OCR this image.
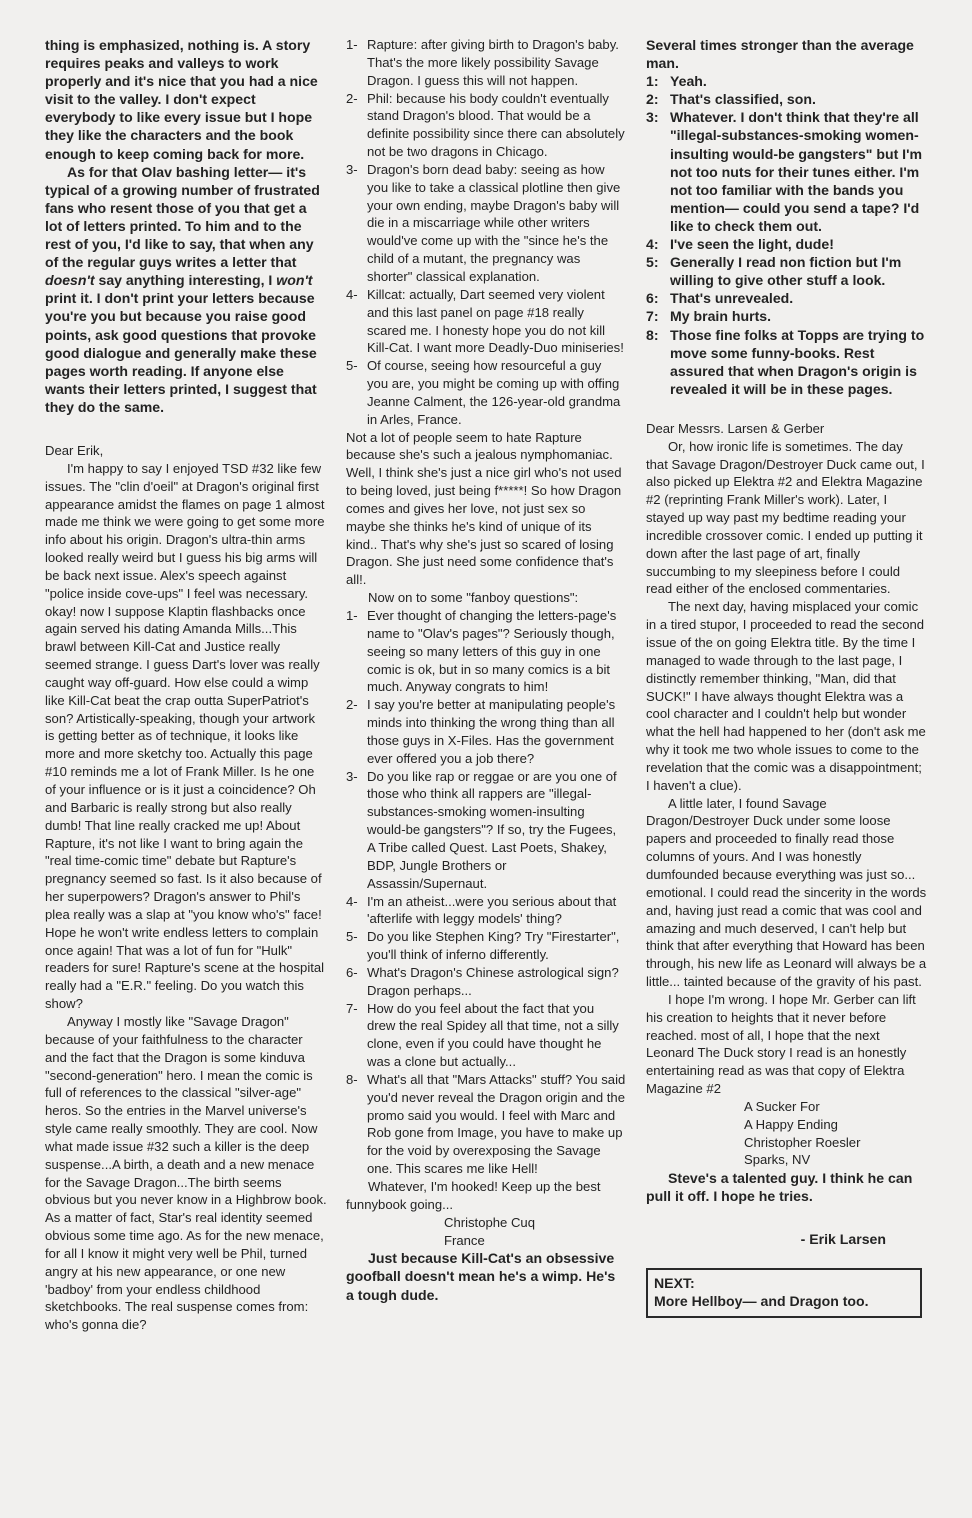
thing is emphasized, nothing is. A story requires peaks and valleys to work properly and it's nice that you had a nice visit to the valley. I don't expect everybody to like every issue but I hope they like the characters and the book enough to keep coming back for more.

As for that Olav bashing letter— it's typical of a growing number of frustrated fans who resent those of you that get a lot of letters printed. To him and to the rest of you, I'd like to say, that when any of the regular guys writes a letter that doesn't say anything interesting, I won't print it. I don't print your letters because you're you but because you raise good points, ask good questions that provoke good dialogue and generally make these pages worth reading. If anyone else wants their letters printed, I suggest that they do the same.

Dear Erik,

I'm happy to say I enjoyed TSD #32 like few issues. The "clin d'oeil" at Dragon's original first appearance amidst the flames on page 1 almost made me think we were going to get some more info about his origin. Dragon's ultra-thin arms looked really weird but I guess his big arms will be back next issue. Alex's speech against "police inside cove-ups" I feel was necessary. okay! now I suppose Klaptin flashbacks once again served his dating Amanda Mills...This brawl between Kill-Cat and Justice really seemed strange. I guess Dart's lover was really caught way off-guard. How else could a wimp like Kill-Cat beat the crap outta SuperPatriot's son? Artistically-speaking, though your artwork is getting better as of technique, it looks like more and more sketchy too. Actually this page #10 reminds me a lot of Frank Miller. Is he one of your influence or is it just a coincidence? Oh and Barbaric is really strong but also really dumb! That line really cracked me up! About Rapture, it's not like I want to bring again the "real time-comic time" debate but Rapture's pregnancy seemed so fast. Is it also because of her superpowers? Dragon's answer to Phil's plea really was a slap at "you know who's" face! Hope he won't write endless letters to complain once again! That was a lot of fun for "Hulk" readers for sure! Rapture's scene at the hospital really had a "E.R." feeling. Do you watch this show?

Anyway I mostly like "Savage Dragon" because of your faithfulness to the character and the fact that the Dragon is some kinduva "second-generation" hero. I mean the comic is full of references to the classical "silver-age" heros. So the entries in the Marvel universe's style came really smoothly. They are cool. Now what made issue #32 such a killer is the deep suspense...A birth, a death and a new menace for the Savage Dragon...The birth seems obvious but you never know in a Highbrow book. As a matter of fact, Star's real identity seemed obvious some time ago. As for the new menace, for all I know it might very well be Phil, turned angry at his new appearance, or one new 'badboy' from your endless childhood sketchbooks. The real suspense comes from: who's gonna die?

1- Rapture: after giving birth to Dragon's baby. That's the more likely possibility Savage Dragon. I guess this will not happen.
2- Phil: because his body couldn't eventually stand Dragon's blood. That would be a definite possibility since there can absolutely not be two dragons in Chicago.
3- Dragon's born dead baby: seeing as how you like to take a classical plotline then give your own ending, maybe Dragon's baby will die in a miscarriage while other writers would've come up with the "since he's the child of a mutant, the pregnancy was shorter" classical explanation.
4- Killcat: actually, Dart seemed very violent and this last panel on page #18 really scared me. I honesty hope you do not kill Kill-Cat. I want more Deadly-Duo miniseries!
5- Of course, seeing how resourceful a guy you are, you might be coming up with offing Jeanne Calment, the 126-year-old grandma in Arles, France.

Not a lot of people seem to hate Rapture because she's such a jealous nymphomaniac. Well, I think she's just a nice girl who's not used to being loved, just being f*****! So how Dragon comes and gives her love, not just sex so maybe she thinks he's kind of unique of its kind.. That's why she's just so scared of losing Dragon. She just need some confidence that's all!.

Now on to some "fanboy questions":

1- Ever thought of changing the letters-page's name to "Olav's pages"? Seriously though, seeing so many letters of this guy in one comic is ok, but in so many comics is a bit much. Anyway congrats to him!
2- I say you're better at manipulating people's minds into thinking the wrong thing than all those guys in X-Files. Has the government ever offered you a job there?
3- Do you like rap or reggae or are you one of those who think all rappers are "illegal-substances-smoking women-insulting would-be gangsters"? If so, try the Fugees, A Tribe called Quest. Last Poets, Shakey, BDP, Jungle Brothers or Assassin/Supernaut.
4- I'm an atheist...were you serious about that 'afterlife with leggy models' thing?
5- Do you like Stephen King? Try "Firestarter", you'll think of inferno differently.
6- What's Dragon's Chinese astrological sign? Dragon perhaps...
7- How do you feel about the fact that you drew the real Spidey all that time, not a silly clone, even if you could have thought he was a clone but actually...
8- What's all that "Mars Attacks" stuff? You said you'd never reveal the Dragon origin and the promo said you would. I feel with Marc and Rob gone from Image, you have to make up for the void by overexposing the Savage one. This scares me like Hell!

Whatever, I'm hooked! Keep up the best funnybook going...

Christophe Cuq

France

Just because Kill-Cat's an obsessive goofball doesn't mean he's a wimp. He's a tough dude.

Several times stronger than the average man.

1: Yeah.
2: That's classified, son.
3: Whatever. I don't think that they're all "illegal-substances-smoking women-insulting would-be gangsters" but I'm not too nuts for their tunes either. I'm not too familiar with the bands you mention— could you send a tape? I'd like to check them out.
4: I've seen the light, dude!
5: Generally I read non fiction but I'm willing to give other stuff a look.
6: That's unrevealed.
7: My brain hurts.
8: Those fine folks at Topps are trying to move some funny-books. Rest assured that when Dragon's origin is revealed it will be in these pages.

Dear Messrs. Larsen & Gerber

Or, how ironic life is sometimes. The day that Savage Dragon/Destroyer Duck came out, I also picked up Elektra #2 and Elektra Magazine #2 (reprinting Frank Miller's work). Later, I stayed up way past my bedtime reading your incredible crossover comic. I ended up putting it down after the last page of art, finally succumbing to my sleepiness before I could read either of the enclosed commentaries.

The next day, having misplaced your comic in a tired stupor, I proceeded to read the second issue of the on going Elektra title. By the time I managed to wade through to the last page, I distinctly remember thinking, "Man, did that SUCK!" I have always thought Elektra was a cool character and I couldn't help but wonder what the hell had happened to her (don't ask me why it took me two whole issues to come to the revelation that the comic was a disappointment; I haven't a clue).

A little later, I found Savage Dragon/Destroyer Duck under some loose papers and proceeded to finally read those columns of yours. And I was honestly dumfounded because everything was just so... emotional. I could read the sincerity in the words and, having just read a comic that was cool and amazing and much deserved, I can't help but think that after everything that Howard has been through, his new life as Leonard will always be a little... tainted because of the gravity of his past.

I hope I'm wrong. I hope Mr. Gerber can lift his creation to heights that it never before reached. most of all, I hope that the next Leonard The Duck story I read is an honestly entertaining read as was that copy of Elektra Magazine #2

A Sucker For

A Happy Ending

Christopher Roesler

Sparks, NV

Steve's a talented guy. I think he can pull it off. I hope he tries.

- Erik Larsen

NEXT:

More Hellboy— and Dragon too.
